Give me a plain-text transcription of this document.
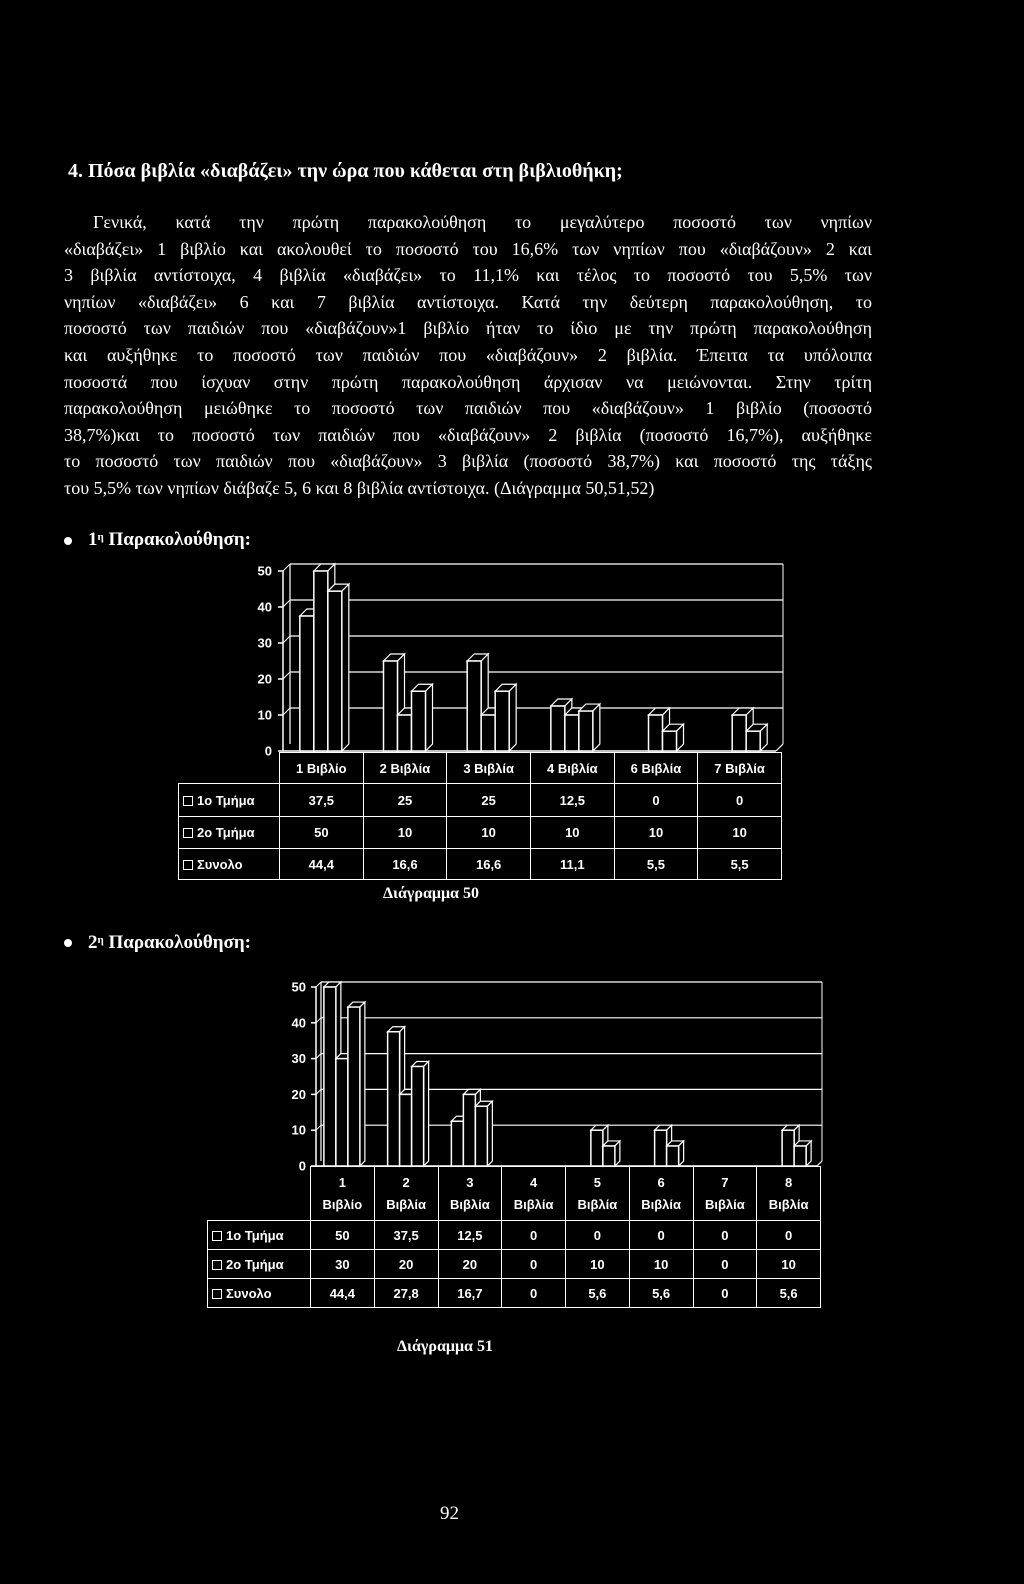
4. Πόσα βιβλία «διαβάζει» την ώρα που κάθεται στη βιβλιοθήκη;
Γενικά, κατά την πρώτη παρακολούθηση το μεγαλύτερο ποσοστό των νηπίων
«διαβάζει» 1 βιβλίο και ακολουθεί το ποσοστό του 16,6% των νηπίων που «διαβάζουν» 2 και
3 βιβλία αντίστοιχα, 4 βιβλία «διαβάζει» το 11,1% και τέλος το ποσοστό του 5,5% των
νηπίων «διαβάζει» 6 και 7 βιβλία αντίστοιχα. Κατά την δεύτερη παρακολούθηση, το
ποσοστό των παιδιών που «διαβάζουν»1 βιβλίο ήταν το ίδιο με την πρώτη παρακολούθηση
και αυξήθηκε το ποσοστό των παιδιών που «διαβάζουν» 2 βιβλία. Έπειτα τα υπόλοιπα
ποσοστά που ίσχυαν στην πρώτη παρακολούθηση άρχισαν να μειώνονται. Στην τρίτη
παρακολούθηση μειώθηκε το ποσοστό των παιδιών που «διαβάζουν» 1 βιβλίο (ποσοστό
38,7%)και το ποσοστό των παιδιών που «διαβάζουν» 2 βιβλία (ποσοστό 16,7%), αυξήθηκε
το ποσοστό των παιδιών που «διαβάζουν» 3 βιβλία (ποσοστό 38,7%) και ποσοστό της τάξης
του 5,5% των νηπίων διάβαζε 5, 6 και 8 βιβλία αντίστοιχα. (Διάγραμμα 50,51,52)
$1^\eta$ Παρακολούθηση:
0
10
20
30
40
50
	1 Βιβλίο	2 Βιβλία	3 Βιβλία	4 Βιβλία	6 Βιβλία	7 Βιβλία
1ο Τμήμα	37,5	25	25	12,5	0	0
2ο Τμήμα	50	10	10	10	10	10
Συνολο	44,4	16,6	16,6	11,1	5,5	5,5
Διάγραμμα 50
$2^\eta$ Παρακολούθηση:
0
10
20
30
40
50
	1 Βιβλίο	2 Βιβλία	3 Βιβλία	4 Βιβλία	5 Βιβλία	6 Βιβλία	7 Βιβλία	8 Βιβλία
1ο Τμήμα	50	37,5	12,5	0	0	0	0	0
2ο Τμήμα	30	20	20	0	10	10	0	10
Συνολο	44,4	27,8	16,7	0	5,6	5,6	0	5,6
Διάγραμμα 51
92
